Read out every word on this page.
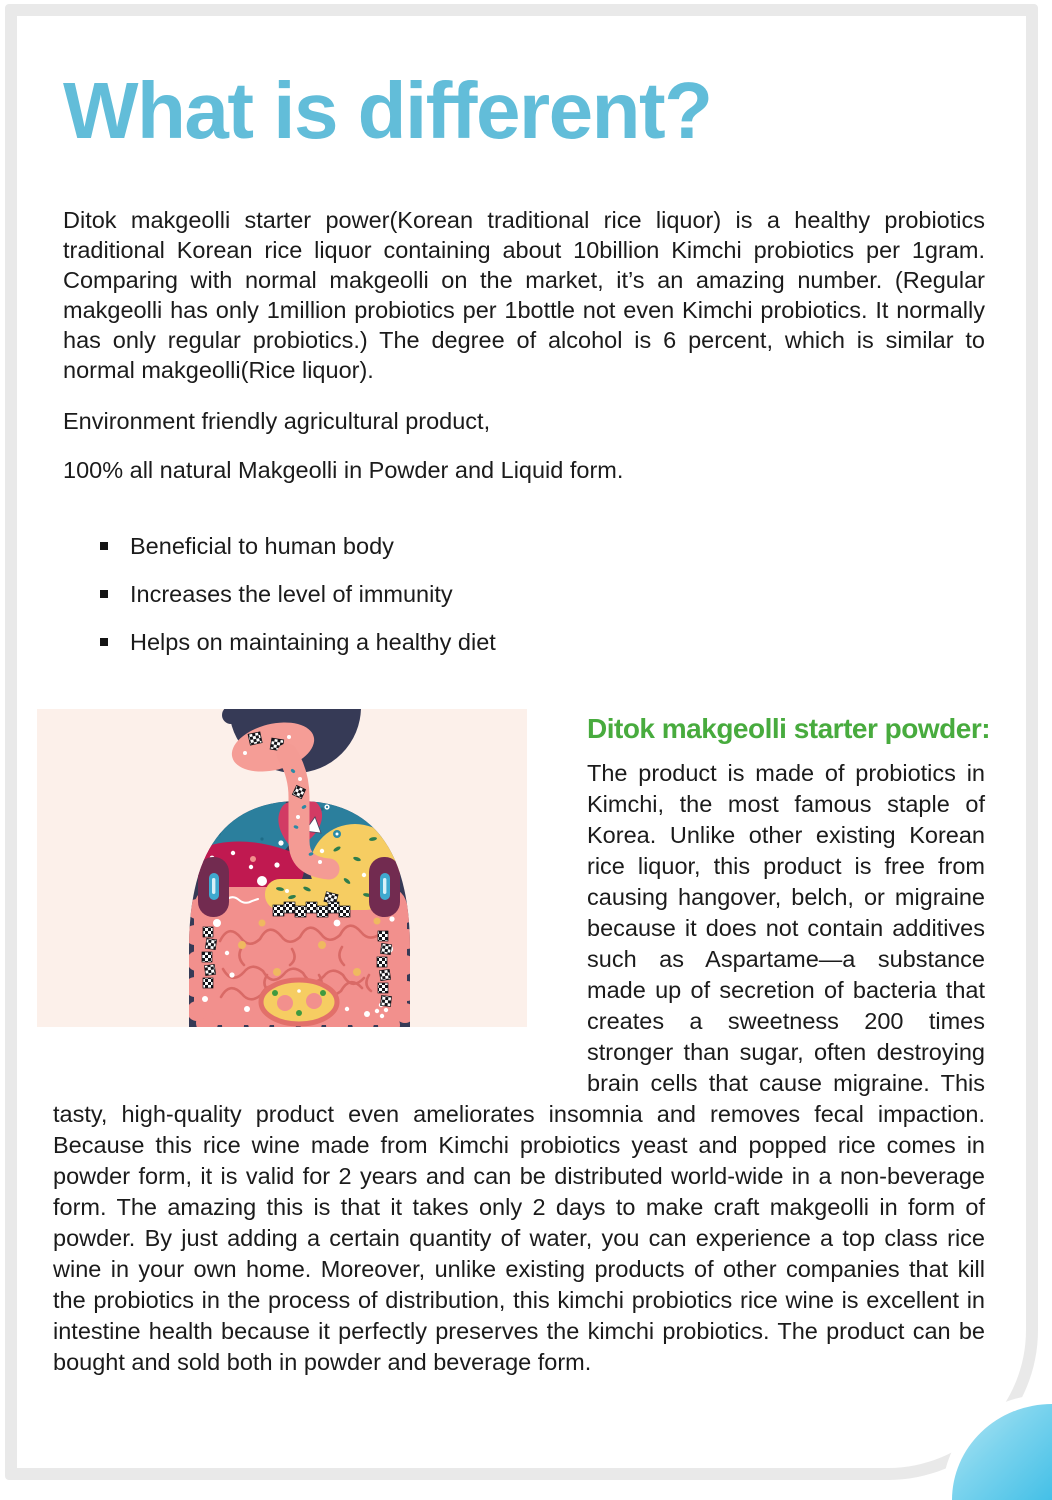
What is different?

Ditok makgeolli starter power(Korean traditional rice liquor) is a healthy probiotics traditional Korean rice liquor containing about 10billion Kimchi probiotics per 1gram. Comparing with normal makgeolli on the market, it’s an amazing number. (Regular makgeolli has only 1million probiotics per 1bottle not even Kimchi probiotics. It normally has only regular probiotics.) The degree of alcohol is 6 percent, which is similar to normal makgeolli(Rice liquor).

Environment friendly agricultural product,

100% all natural Makgeolli in Powder and Liquid form.

Beneficial to human body
Increases the level of immunity
Helps on maintaining a healthy diet
Ditok makgeolli starter powder:

The product is made of probiotics in Kimchi, the most famous staple of Korea. Unlike other existing Korean rice liquor, this product is free from causing hangover, belch, or migraine because it does not contain additives such as Aspartame—a substance made up of secretion of bacteria that creates a sweetness 200 times stronger than sugar, often destroying brain cells that cause migraine. This tasty, high-quality product even ameliorates insomnia and removes fecal impaction. Because this rice wine made from Kimchi probiotics yeast and popped rice comes in powder form, it is valid for 2 years and can be distributed world-wide in a non-beverage form. The amazing this is that it takes only 2 days to make craft makgeolli in form of powder. By just adding a certain quantity of water, you can experience a top class rice wine in your own home. Moreover, unlike existing products of other companies that kill the probiotics in the process of distribution, this kimchi probiotics rice wine is excellent in intestine health because it perfectly preserves the kimchi probiotics. The product can be bought and sold both in powder and beverage form.
